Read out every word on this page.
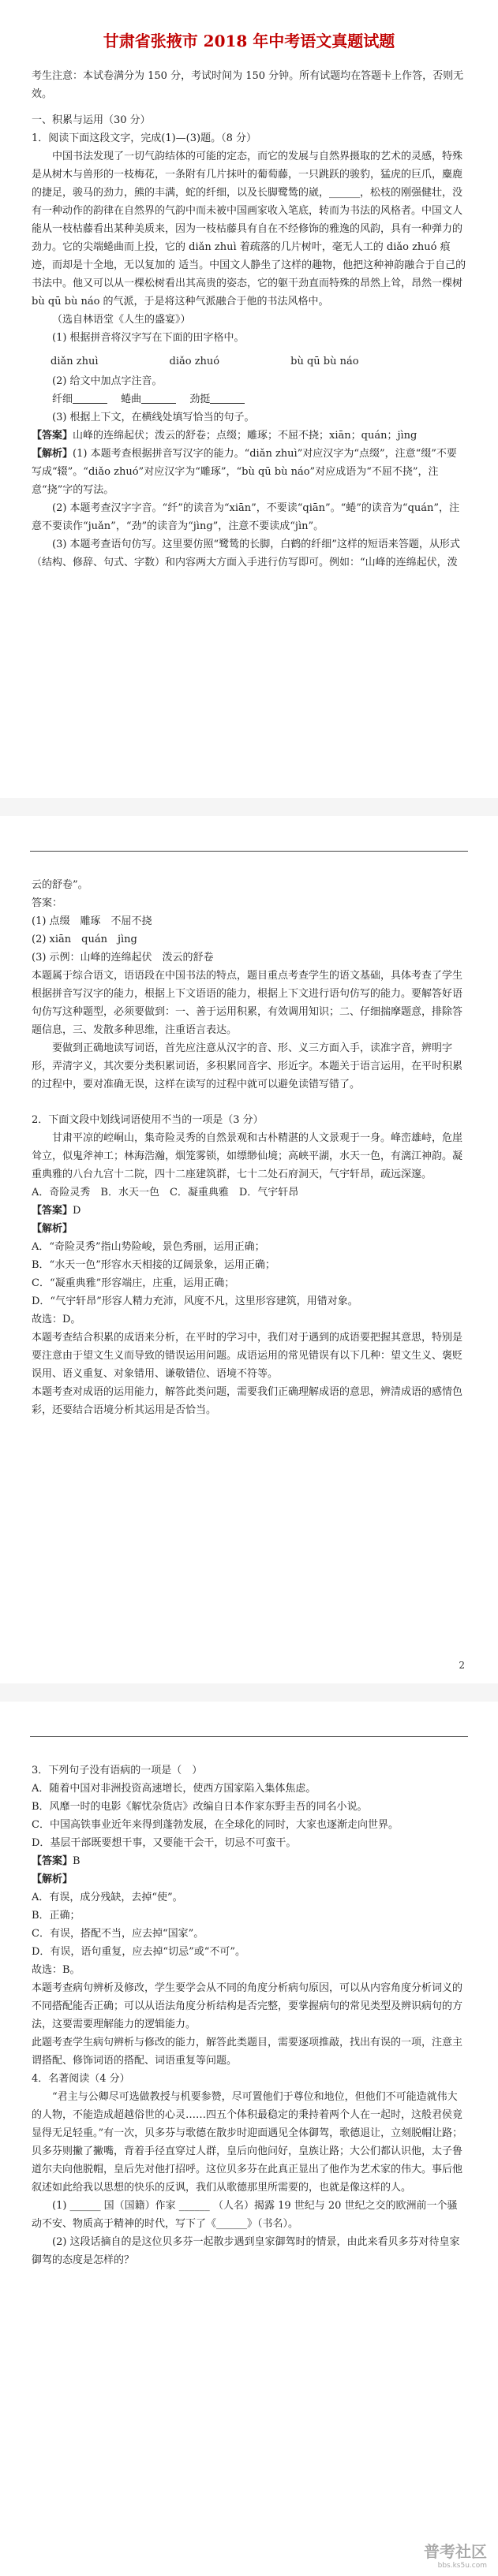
甘肃省张掖市 2018 年中考语文真题试题

考生注意：本试卷满分为 150 分，考试时间为 150 分钟。所有试题均在答题卡上作答，否则无效。

一、积累与运用（30 分）

1．阅读下面这段文字，完成(1)—(3)题。（8 分）

中国书法发现了一切气韵结体的可能的定态，而它的发展与自然界摄取的艺术的灵感，特殊是从树木与兽形的一枝梅花，一条附有几片抹叶的葡萄藤，一只跳跃的骏豹，猛虎的巨爪，麋鹿的捷足，骏马的劲力，熊的丰满，蛇的纤细，以及长脚鹭鸶的崴，______，松枝的刚强健壮，没有一种动作的韵律在自然界的气韵中而未被中国画家收入笔底，转而为书法的风格者。中国文人能从一枝枯藤看出某种美质来，因为一枝枯藤具有自在不经修饰的雅逸的风韵，具有一种弹力的劲力。它的尖端蜷曲而上投，它的 diǎn zhuì 着疏落的几片树叶，毫无人工的 diǎo zhuó 痕迹，而却是十全地，无以复加的 适当。中国文人静坐了这样的趣物，他把这种神韵融合于自己的书法中。他又可以从一棵松树看出其高贵的姿态，它的躯干劲直而特殊的昂然上耸，昂然一棵树 bù qū bù náo 的气派，于是将这种气派融合于他的书法风格中。

（选自林语堂《人生的盛宴》）

(1) 根据拼音将汉字写在下面的田字格中。

diǎn zhuì	diǎo zhuó	bù qū bù náo

(2) 给文中加点字注音。

纤细　	蜷曲　	劲挺

(3) 根据上下文，在横线处填写恰当的句子。

【答案】山峰的连绵起伏；泼云的舒卷；点缀；雕琢；不屈不挠；xiān；quán；jìng

【解析】(1) 本题考查根据拼音写汉字的能力。“diǎn zhuì”对应汉字为“点缀”，注意“缀”不要写成“辍”。“diǎo zhuó”对应汉字为“雕琢”，“bù qū bù náo”对应成语为“不屈不挠”，注意“挠”字的写法。

(2) 本题考查汉字字音。“纤”的读音为“xiān”，不要读“qiān”。“蜷”的读音为“quán”，注意不要读作“juǎn”，“劲”的读音为“jìng”，注意不要读成“jìn”。

(3) 本题考查语句仿写。这里要仿照“鹭鸶的长脚，白鹤的纤细”这样的短语来答题，从形式（结构、修辞、句式、字数）和内容两大方面入手进行仿写即可。例如：“山峰的连绵起伏，泼

云的舒卷”。

答案：

(1) 点缀　雕琢　不屈不挠

(2) xiān　quán　jìng

(3) 示例：山峰的连绵起伏　泼云的舒卷

本题属于综合语文，语语段在中国书法的特点，题目重点考查学生的语文基础，具体考查了学生根据拼音写汉字的能力，根据上下文语语的能力，根据上下文进行语句仿写的能力。要解答好语句仿写这种题型，必须要做到：一、善于运用积累，有效调用知识；二、仔细揣摩题意，排除答题信息，三、发散多种思维，注重语言表达。

要做到正确地读写词语，首先应注意从汉字的音、形、义三方面入手，读准字音，辨明字形，弄清字义，其次要分类积累词语，多积累同音字、形近字。本题关于语言运用，在平时积累的过程中，要对准确无误，这样在读写的过程中就可以避免读错写错了。

2．下面文段中划线词语使用不当的一项是（3 分）

甘肃平凉的崆峒山，集奇险灵秀的自然景观和古朴精湛的人文景观于一身。峰峦雄峙，危崖耸立，似鬼斧神工；林海浩瀚，烟笼雾锁，如缥缈仙境；高峡平湖，水天一色，有漓江神韵。凝重典雅的八台九宫十二院，四十二座建筑群，七十二处石府洞天，气宇轩昂，疏远深邃。

A．奇险灵秀　B．水天一色　C．凝重典雅　D．气宇轩昂

【答案】D

【解析】

A．“奇险灵秀”指山势险峻，景色秀丽，运用正确；

B．“水天一色”形容水天相接的辽阔景象，运用正确；

C．“凝重典雅”形容端庄，庄重，运用正确；

D．“气宇轩昂”形容人精力充沛，风度不凡，这里形容建筑，用错对象。

故选：D。

本题考查结合积累的成语来分析，在平时的学习中，我们对于遇到的成语要把握其意思，特别是要注意由于望文生义而导致的错误运用问题。成语运用的常见错误有以下几种：望文生义、褒贬误用、语义重复、对象错用、谦敬错位、语境不符等。

本题考查对成语的运用能力，解答此类问题，需要我们正确理解成语的意思，辨清成语的感情色彩，还要结合语境分析其运用是否恰当。

2

3．下列句子没有语病的一项是（　）

A．随着中国对非洲投资高速增长，使西方国家陷入集体焦虑。

B．风靡一时的电影《解忧杂货店》改编自日本作家东野圭吾的同名小说。

C．中国高铁事业近年来得到蓬勃发展，在全球化的同时，大家也逐渐走向世界。

D．基层干部既要想干事，又要能干会干，切忌不可蛮干。

【答案】B

【解析】

A．有误，成分残缺，去掉“使”。

B．正确；

C．有误，搭配不当，应去掉“国家”。

D．有误，语句重复，应去掉“切忌”或“不可”。

故选：B。

本题考查病句辨析及修改，学生要学会从不同的角度分析病句原因，可以从内容角度分析词义的不同搭配能否正确；可以从语法角度分析结构是否完整，要掌握病句的常见类型及辨识病句的方法，这要需要理解能力的逻辑能力。

此题考查学生病句辨析与修改的能力，解答此类题目，需要逐项推敲，找出有误的一项，注意主谓搭配、修饰词语的搭配、词语重复等问题。

4．名著阅读（4 分）

“君主与公卿尽可选做教授与机要参赞，尽可置他们于尊位和地位，但他们不可能造就伟大的人物，不能造成超越俗世的心灵……四五个体积最稳定的秉持着两个人在一起时，这般君侯竟显得无足轻重。”有一次，贝多芬与歌德在散步时迎面遇见全体御驾，歌德退让，立刻脱帽让路；贝多芬则撇了撇嘴，背着手径直穿过人群，皇后向他问好，皇族让路；大公们都认识他，太子鲁道尔夫向他脱帽，皇后先对他打招呼。这位贝多芬在此真正显出了他作为艺术家的伟大。事后他叙述如此给我以思想的快乐的反讽，我们从歌德那里所需要的，也就是像这样的人。

(1) ______ 国（国籍）作家 ______ （人名）揭露 19 世纪与 20 世纪之交的欧洲前一个骚动不安、物质高于精神的时代，写下了《______》（书名）。

(2) 这段话摘自的是这位贝多芬一起散步遇到皇家御驾时的情景，由此来看贝多芬对待皇家御驾的态度是怎样的？

普考社区
bbs.ks5u.com
